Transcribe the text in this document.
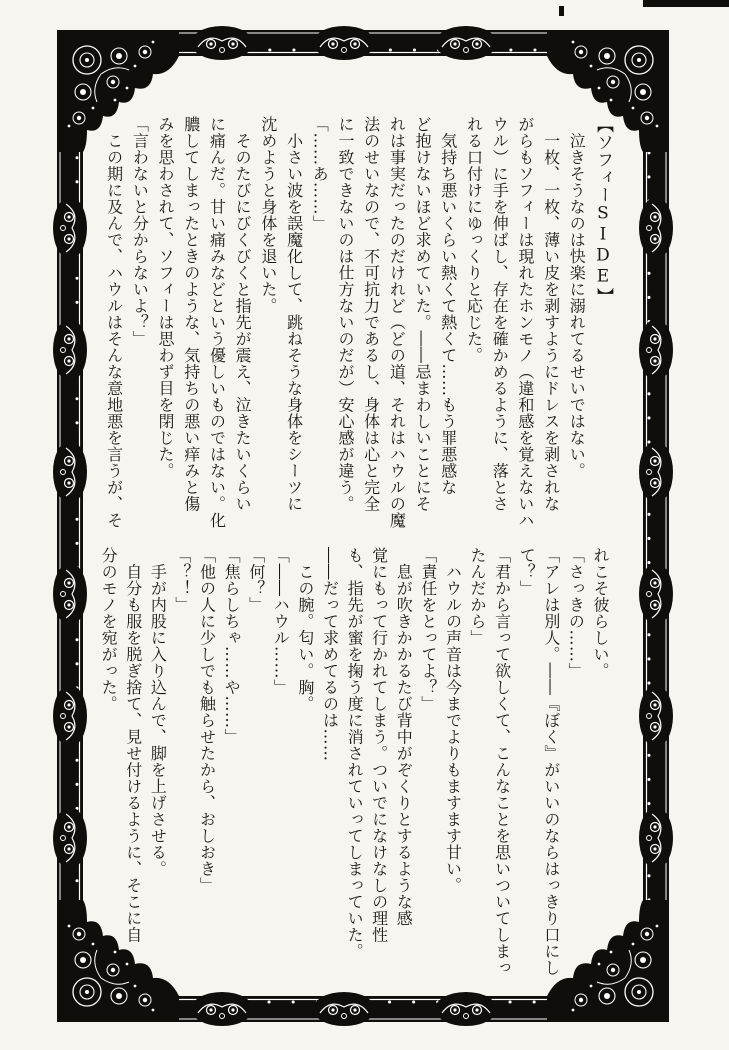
【ソフィーSIDE】

　泣きそうなのは快楽に溺れてるせいではない。

　一枚、一枚、薄い皮を剥すようにドレスを剥されな

がらもソフィーは現れたホンモノ（違和感を覚えないハ

ウル）に手を伸ばし、存在を確かめるように、落とさ

れる口付けにゆっくりと応じた。

　気持ち悪いくらい熱くて熱くて……もう罪悪感な

ど抱けないほど求めていた。――忌まわしいことにそ

れは事実だったのだけれど（どの道、それはハウルの魔

法のせいなので、不可抗力であるし、身体は心と完全

に一致できないのは仕方ないのだが）安心感が違う。

「……あ……」

　小さい波を誤魔化して、跳ねそうな身体をシーツに

沈めようと身体を退いた。

　そのたびにびくびくと指先が震え、泣きたいくらい

に痛んだ。甘い痛みなどという優しいものではない。化

膿してしまったときのような、気持ちの悪い痒みと傷

みを思わされて、ソフィーは思わず目を閉じた。

「言わないと分からないよ？」

　この期に及んで、ハウルはそんな意地悪を言うが、そ

れこそ彼らしい。

「さっきの……」

「アレは別人。――『ぼく』がいいのならはっきり口にし

て？」

「君から言って欲しくて、こんなことを思いついてしまっ

たんだから」

　ハウルの声音は今までよりもますます甘い。

「責任をとってよ？」

　息が吹きかかるたび背中がぞくりとするような感

覚にもって行かれてしまう。ついでになけなしの理性

も、指先が蜜を掬う度に消されていってしまっていた。

――だって求めてるのは……

　この腕。匂い。胸。

「――ハウル……」

「何？」

「焦らしちゃ……や……」

「他の人に少しでも触らせたから、おしおき」

「？！」

　手が内股に入り込んで、脚を上げさせる。

　自分も服を脱ぎ捨て、見せ付けるように、そこに自

分のモノを宛がった。
